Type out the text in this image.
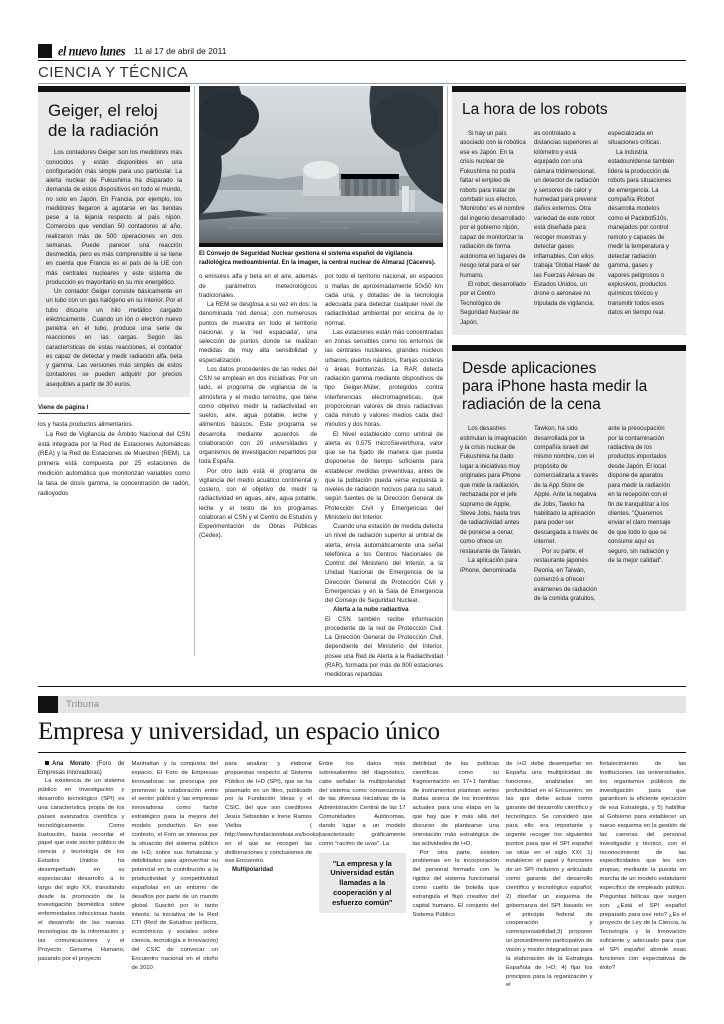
el nuevo lunes 11 al 17 de abril de 2011
CIENCIA Y TÉCNICA
Geiger, el reloj
de la radiación

Los contadores Geiger son los medidores más conocidos y están disponibles en una configuración más simple para uso particular. La alerta nuclear de Fukushima ha disparado la demanda de estos dispositivos en todo el mundo, no solo en Japón. En Francia, por ejemplo, los medidores llegaron a agotarse en las tiendas pese a la lejanía respecto al país nipón. Comercios que vendían 50 contadores al año, realizaron más de 500 operaciones en dos semanas. Puede parecer una reacción desmedida, pero es más comprensible si se tiene en cuenta que Francia es el país de la UE con más centrales nucleares y este sistema de producción es mayoritario en su mix energético.

Un contador Geiger consiste básicamente en un tubo con un gas halógeno en su interior. Por el tubo discurre un hilo metálico cargado eléctricamente . Cuando un ión o electrón nuevo penetra en el tubo, produce una serie de reacciones en las cargas. Según las características de estas reacciones, el contador es capaz de detectar y medir radiación alfa, beta y gamma. Las versiones más simples de estos contadores se pueden adquirir por precios asequibles a partir de 30 euros.

Viene de página I

los y hasta productos alimentarios.

La Red de Vigilancia de Ámbito Nacional del CSN está integrada por la Red de Estaciones Automáticas (REA) y la Red de Estaciones de Muestreo (REM). La primera está compuesta por 25 estaciones de medición automática que monitorizan variables como la tasa de dosis gamma, la concentración de radón, radioyodos

El Consejo de Seguridad Nuclear gestiona el sistema español de vigilancia radiológica medioambiental. En la imagen, la central nuclear de Almaraz (Cáceres).

o emisores alfa y beta en el aire, además de parámetros meteorológicos tradicionales.

La REM se desglosa a su vez en dos: la denominada 'red densa', con numerosos puntos de muestra en todo el territorio nacional, y la 'red espaciada', una selección de puntos donde se realizan medidas de muy alta sensibilidad y especialización.

Los datos procedentes de las redes del CSN se emplean en dos iniciativas. Por un lado, el programa de vigilancia de la atmósfera y el medio terrestre, que tiene como objetivo medir la radiactividad en suelos, aire, agua potable, leche y alimentos básicos. Este programa se desarrolla mediante acuerdos de colaboración con 20 universidades y organismos de investigación repartidos por toda España.

Por otro lado está el programa de vigilancia del medio acuático continental y costero, con el objetivo de medir la radiactividad en aguas, aire, agua potable, leche y el resto de los programas colaboran el CSN y el Centro de Estudios y Experimentación de Obras Públicas (Cedex).

por todo el territorio nacional, en espacios o mallas de aproximadamente 50x50 km cada una, y dotadas de la tecnología adecuada para detectar cualquier nivel de radiactividad ambiental por encima de lo normal.

Las estaciones están más concentradas en zonas sensibles como los entornos de las centrales nucleares, grandes núcleos urbanos, puertos náuticos, franjas costeras o áreas fronterizas. La RAR detecta radiación gamma mediante dispositivos de tipo Geiger-Müler, protegidos contra interferencias electromagnéticas, que proporcionan valores de dosis radiactivas cada minuto y valores medios cada diez minutos y dos horas.

El Nivel establecido como umbral de alerta es 0,575 microSievert/hora, valor que se ha fijado de manera que pueda disponerse de tiempo suficiente para establecer medidas preventivas, antes de que la población pueda verse expuesta a niveles de radiación nocivos para su salud, según fuentes de la Dirección General de Protección Civil y Emergencias del Ministerio del Interior.

Cuando una estación de medida detecta un nivel de radiación superior al umbral de alerta, envía automáticamente una señal telefónica a los Centros Nacionales de Control del Ministerio del Interior, a la Unidad Nacional de Emergencia de la Dirección General de Protección Civil y Emergencias y en la Sala de Emergencia del Consejo de Seguridad Nuclear.

Alerta a la nube radiactiva

El CSN también recibe información procedente de la red de Protección Civil. La Dirección General de Protección Civil, dependiente del Ministerio del Interior, posee una Red de Alerta a la Radiactividad (RAR), formada por más de 900 estaciones medidoras repartidas

La hora de los robots

Si hay un país asociado con la robótica ese es Japón. En la crisis nuclear de Fukushima no podía faltar el empleo de robots para tratar de combatir sus efectos. 'Monirobo' es el nombre del ingenio desarrollado por el gobierno nipón, capaz de monitorizar la radiación de forma autónoma en lugares de riesgo letal para el ser humano.

El robot, desarrollado por el Centro Tecnológico de Seguridad Nuclear de Japón,

es controlado a distancias superiores al kilómetro y está equipado con una cámara tridimensional, un detector de radiación y sensores de calor y humedad para prevenir daños externos. Otra variedad de este robot está diseñada para recoger muestras y detectar gases inflamables. Con ellos trabaja 'Global Hawk' de las Fuerzas Aéreas de Estados Unidos, un drone o aeronave no tripulada de vigilancia,

especializada en situaciones críticas.

La industria estadounidense también lidera la producción de robots para situaciones de emergencia. La compañía iRobot desarrolla modelos como el Packbot510s, manejados por control remoto y capaces de medir la temperatura y detectar radiación gamma, gases y vapores peligrosos o explosivos, productos químicos tóxicos y transmitir todos esos datos en tiempo real.

Desde aplicaciones
para iPhone hasta medir la
radiación de la cena

Los desastres estimulan la imaginación y la crisis nuclear de Fukushima ha dado lugar a iniciativas muy originales para iPhone que mide la radiación, rechazada por el jefe supremo de Apple, Steve Jobs, hasta tres de radiactividad antes de ponerse a cenar, como ofrece un restaurante de Taiwán.

La aplicación para iPhone, denominada

Tawkon, ha sido desarrollada por la compañía israelí del mismo nombre, con el propósito de comercializarla a través de la App Store de Apple. Ante la negativa de Jobs, Tawko ha habilitado la aplicación para poder ser descargada a través de internet.

Por su parte, el restaurante japonés Peonia, en Taiwán, comenzó a ofrecer exámenes de radiación de la comida gratuitos,

ante la preocupación por la contaminación radiactiva de los productos importados desde Japón. El local dispone de aparatos para medir la radiación en la recepción con el fin de tranquilizar a los clientes. "Queremos enviar el claro mensaje de que todo lo que se consume aquí es seguro, sin radiación y de la mejor calidad".

Tribuna
Empresa y universidad, un espacio único

Ana Morato (Foro de Empresas Innovadoras)

La existencia de un sistema público en Investigación y desarrollo tecnológico (SPI) es una característica propia de los países avanzados científica y tecnológicamente. Como ilustración, basta recordar el papel que este sector público de ciencia y tecnología de los Estados Unidos ha desempeñado en su espectacular desarrollo a lo largo del siglo XX, transitando desde la promoción de la investigación biomédica sobre enfermedades infecciosas hasta el desarrollo de las nuevas tecnologías de la información y las comunicaciones y el Proyecto Genoma Humano, pasando por el proyecto

Manhattan y la conquista del espacio. El Foro de Empresas Innovadoras se preocupa por promover la colaboración entre el sector público y las empresas innovadoras como factor estratégico para la mejora del modelo productivo. En ese contexto, el Foro se interesa por la situación del sistema público de I+D, sobre sus fortalezas y debilidades para aprovechar su potencial en la contribución a la productividad y competitividad españolas en un entorno de desafíos por parte de un mundo global. Suscitó por lo tanto interés, la iniciativa de la Red CTI (Red de Estudios políticos, económicos y sociales sobre ciencia, tecnología e innovación) del CSIC de convocar un Encuentro nacional en el otoño de 2010

para analizar y elaborar propuestas respecto al Sistema Público de I+D (SPI), que se ha plasmado en un libro, publicado por la Fundación Ideas y el CSIC, del que son coeditores Jesús Sebastián e Irene Ramos Vielba ( http://www.fundacionideas.es/books) en el que se recogen las deliberaciones y conclusiones de ese Encuentro.

Multipolaridad

Entre los datos más sobresalientes del diagnóstico, cabe señalar la multipolaridad del sistema como consecuencia de las diversas iniciativas de la Administración Central de las 17 Comunidades Autónomas, dando lugar a un modelo caracterizado gráficamente como "racimo de uvas". La

"La empresa y la Universidad están llamadas a la cooperación y al esfuerzo común"

debilidad de las políticas científicas como su fragmentación en 17+1 familias de instrumentos plantean series dudas acerca de los incentivos actuales para una etapa en la que hay que ir más allá del discurso de plantearse una orientación más estratégica de las actividades de I+D.

Por otra parte, existen problemas en la incorporación del personal formado con la rigidez del sistema funcionarial como cuello de botella que estrangula el flujo creativo del capital humano. El conjunto del Sistema Público

de I+D debe desempeñar en España una multiplicidad de funciones, analizadas en profundidad en el Encuentro, en las que debe actuar como garante del desarrollo científico y tecnológico. Se consideró que para ello era importante y urgente recoger los siguientes puntos para que el SPI español se sitúe en el siglo XXI: 1) establecer el papel y funciones de un SPI inclusivo y articulado como garante del desarrollo científico y tecnológico español; 2) diseñar un esquema de gobernanza del SPI basado en el principio federal de cooperación y corresponsabilidad;3) proponer un procedimiento participativo de visión y misión integradoras para la elaboración de la Estrategia Española de I+D; 4) fijar los principios para la organización y el

fortalecimiento de las Instituciones, las universidades, los organismos públicos de investigación para que garanticen la eficiente ejecución de esa Estrategia, y 5) habilitar al Gobierno para establecer un nuevo esquema en la gestión de las carreras del personal investigador y técnico, con el reconocimiento de las especificidades que les son propias, mediante la puesta en marcha de un modelo estatutario específico de empleado público. Preguntas bélicas que surgen son: ¿Está el SPI español preparado para ese reto? ¿Es el proyecto de Ley de la Ciencia, la Tecnología y la Innovación suficiente y adecuado para que el SPI español aborde esas funciones con expectativas de éxito?
